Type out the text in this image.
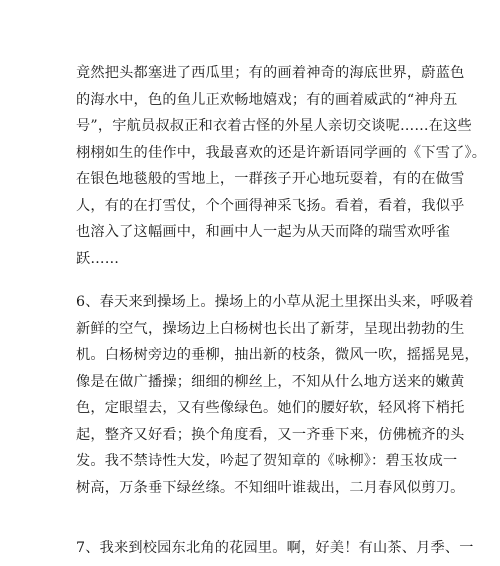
竟然把头都塞进了西瓜里；有的画着神奇的海底世界，蔚蓝色
的海水中，色的鱼儿正欢畅地嬉戏；有的画着威武的“神舟五
号”，宇航员叔叔正和衣着古怪的外星人亲切交谈呢……在这些
栩栩如生的佳作中，我最喜欢的还是许新语同学画的《下雪了》。
在银色地毯般的雪地上，一群孩子开心地玩耍着，有的在做雪
人，有的在打雪仗，个个画得神采飞扬。看着，看着，我似乎
也溶入了这幅画中，和画中人一起为从天而降的瑞雪欢呼雀
跃……

6、春天来到操场上。操场上的小草从泥土里探出头来，呼吸着
新鲜的空气，操场边上白杨树也长出了新芽，呈现出勃勃的生
机。白杨树旁边的垂柳，抽出新的枝条，微风一吹，摇摇晃晃，
像是在做广播操；细细的柳丝上，不知从什么地方送来的嫩黄
色，定眼望去，又有些像绿色。她们的腰好软，轻风将下梢托
起，整齐又好看；换个角度看，又一齐垂下来，仿佛梳齐的头
发。我不禁诗性大发，吟起了贺知章的《咏柳》：碧玉妆成一
树高，万条垂下绿丝绦。不知细叶谁裁出，二月春风似剪刀。

7、我来到校园东北角的花园里。啊，好美！有山茶、月季、一
